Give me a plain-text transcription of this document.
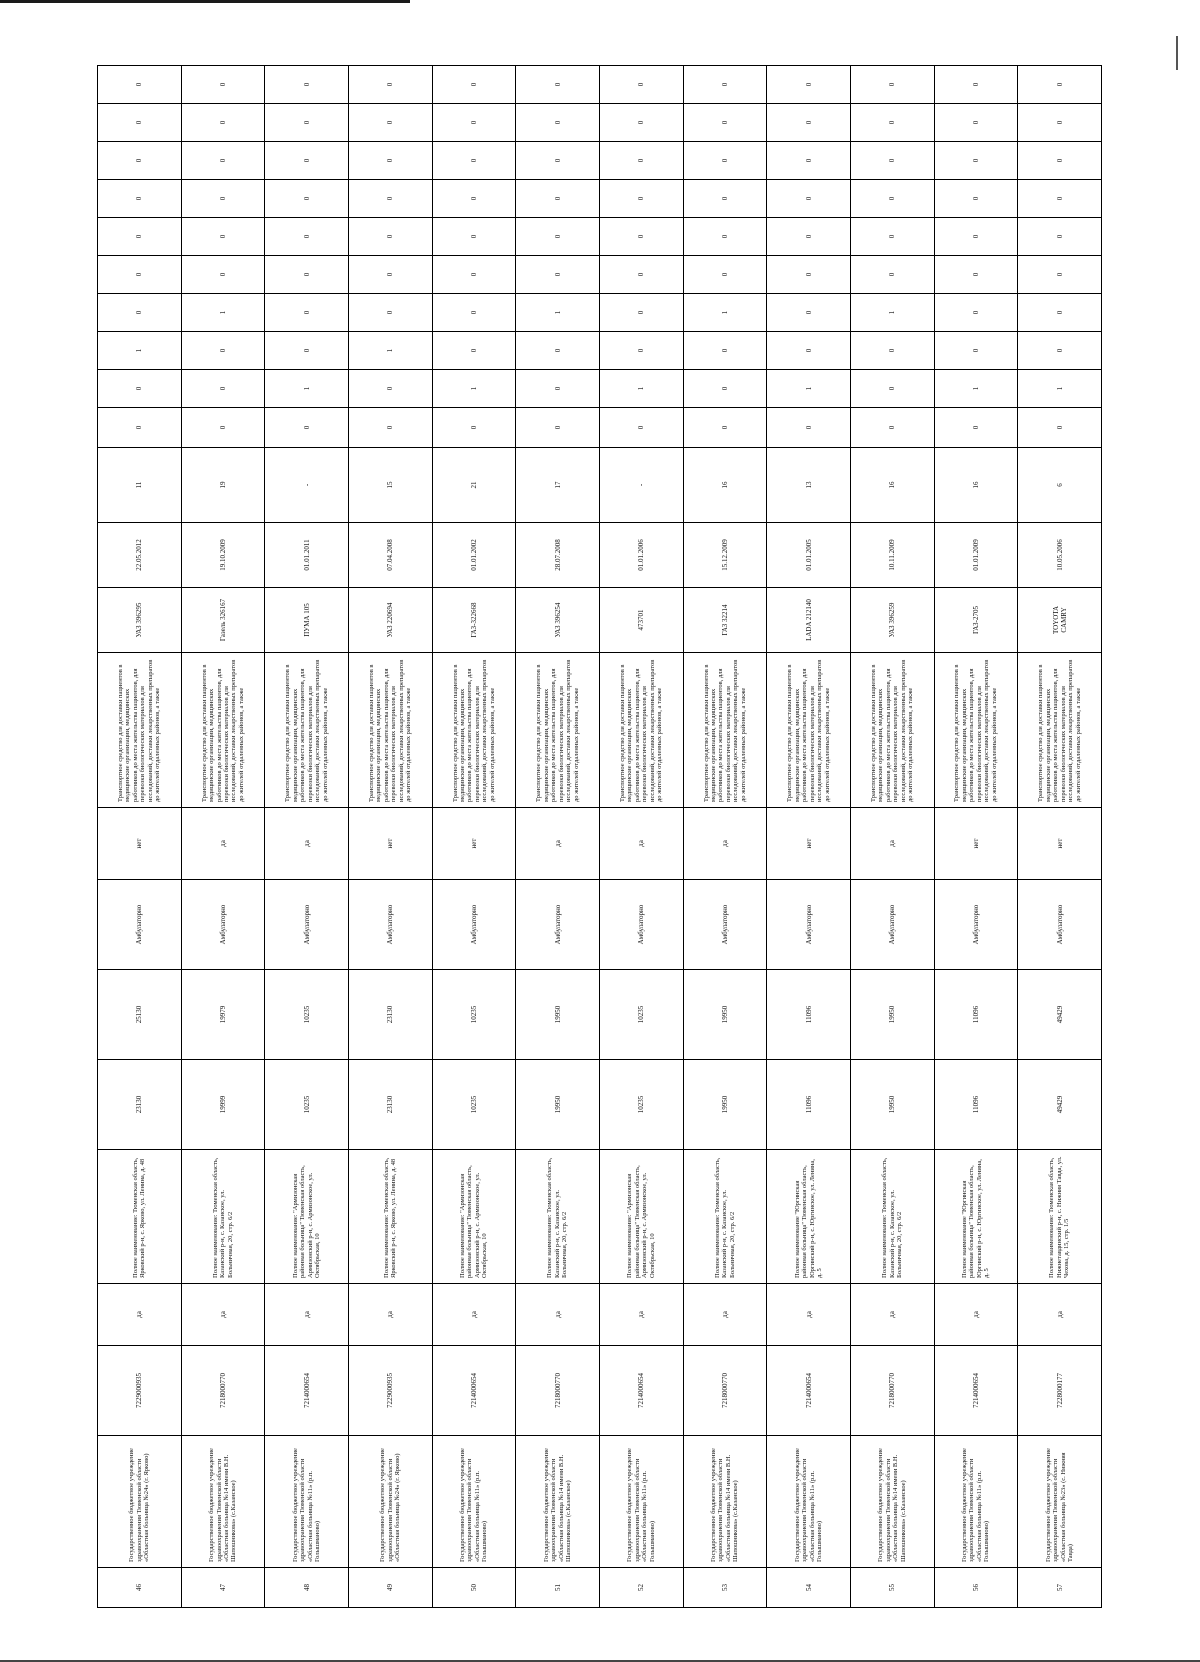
46	Государственное бюджетное учреждение здравоохранения Тюменской области «Областная больница №24» (г. Ярково)	7229000935	да	Полное наименование: Тюменская область, Ярковский р-н, с. Ярково, ул. Ленина, д. 48	23130	25130	Амбулаторно	нет	Транспортное средство для доставки пациентов в медицинские организации, медицинских работников до места жительства пациентов, для перевозки биологических материалов для исследований, доставки лекарственных препаратов до жителей отдаленных районов, а также	УАЗ 396295	22.05.2012	11	0	0	1	0	0	0	0	0	0	0
47	Государственное бюджетное учреждение здравоохранения Тюменской области «Областная больница №14 имени В.Н. Шапошникова» (с.Казанское)	7218000770	да	Полное наименование: Тюменская область, Казанский р-н, с. Казанское, ул. Больничная, 20, стр. 6/2	19999	19979	Амбулаторно	да	Транспортное средство для доставки пациентов в медицинские организации, медицинских работников до места жительства пациентов, для перевозки биологических материалов для исследований, доставки лекарственных препаратов до жителей отдаленных районов, а также	Газель 326167	19.10.2009	19	0	0	0	1	0	0	0	0	0	0
48	Государственное бюджетное учреждение здравоохранения Тюменской области «Областная больница №11» (р.п. Голышманово)	7214000654	да	Полное наименование: "Армизонская районная больница" Тюменская область, Армизонский р-н, с. Армизонское, ул. Октябрьская, 10	10235	10235	Амбулаторно	да	Транспортное средство для доставки пациентов в медицинские организации, медицинских работников до места жительства пациентов, для перевозки биологических материалов для исследований, доставки лекарственных препаратов до жителей отдаленных районов, а также	ПУМА 105	01.01.2011	-	0	1	0	0	0	0	0	0	0	0
49	Государственное бюджетное учреждение здравоохранения Тюменской области «Областная больница №24» (г. Ярково)	7229000935	да	Полное наименование: Тюменская область, Ярковский р-н, с. Ярково, ул. Ленина, д. 48	23130	23130	Амбулаторно	нет	Транспортное средство для доставки пациентов в медицинские организации, медицинских работников до места жительства пациентов, для перевозки биологических материалов для исследований, доставки лекарственных препаратов до жителей отдаленных районов, а также	УАЗ 220694	07.04.2008	15	0	0	1	0	0	0	0	0	0	0
50	Государственное бюджетное учреждение здравоохранения Тюменской области «Областная больница №11» (р.п. Голышманово)	7214000654	да	Полное наименование: "Армизонская районная больница" Тюменская область, Армизонский р-н, с. Армизонское, ул. Октябрьская, 10	10235	10235	Амбулаторно	нет	Транспортное средство для доставки пациентов в медицинские организации, медицинских работников до места жительства пациентов, для перевозки биологических материалов для исследований, доставки лекарственных препаратов до жителей отдаленных районов, а также	ГАЗ-322668	01.01.2002	21	0	1	0	0	0	0	0	0	0	0
51	Государственное бюджетное учреждение здравоохранения Тюменской области «Областная больница №14 имени В.Н. Шапошникова» (с.Казанское)	7218000770	да	Полное наименование: Тюменская область, Казанский р-н, с. Казанское, ул. Больничная, 20, стр. 6/2	19950	19950	Амбулаторно	да	Транспортное средство для доставки пациентов в медицинские организации, медицинских работников до места жительства пациентов, для перевозки биологических материалов для исследований, доставки лекарственных препаратов до жителей отдаленных районов, а также	УАЗ 396254	28.07.2008	17	0	0	0	1	0	0	0	0	0	0
52	Государственное бюджетное учреждение здравоохранения Тюменской области «Областная больница №11» (р.п. Голышманово)	7214000654	да	Полное наименование: "Армизонская районная больница" Тюменская область, Армизонский р-н, с. Армизонское, ул. Октябрьская, 10	10235	10235	Амбулаторно	да	Транспортное средство для доставки пациентов в медицинские организации, медицинских работников до места жительства пациентов, для перевозки биологических материалов для исследований, доставки лекарственных препаратов до жителей отдаленных районов, а также	473701	01.01.2006	-	0	1	0	0	0	0	0	0	0	0
53	Государственное бюджетное учреждение здравоохранения Тюменской области «Областная больница №14 имени В.Н. Шапошникова» (с.Казанское)	7218000770	да	Полное наименование: Тюменская область, Казанский р-н, с. Казанское, ул. Больничная, 20, стр. 6/2	19950	19950	Амбулаторно	да	Транспортное средство для доставки пациентов в медицинские организации, медицинских работников до места жительства пациентов, для перевозки биологических материалов для исследований, доставки лекарственных препаратов до жителей отдаленных районов, а также	ГАЗ 32214	15.12.2009	16	0	0	0	1	0	0	0	0	0	0
54	Государственное бюджетное учреждение здравоохранения Тюменской области «Областная больница №11» (р.п. Голышманово)	7214000654	да	Полное наименование "Юргинская районная больница" Тюменская область, Юргинский р-н, с. Юргинское, ул. Ленина, д. 5	11096	11096	Амбулаторно	нет	Транспортное средство для доставки пациентов в медицинские организации, медицинских работников до места жительства пациентов, для перевозки биологических материалов для исследований, доставки лекарственных препаратов до жителей отдаленных районов, а также	LADA 212140	01.01.2005	13	0	1	0	0	0	0	0	0	0	0
55	Государственное бюджетное учреждение здравоохранения Тюменской области «Областная больница №14 имени В.Н. Шапошникова» (с.Казанское)	7218000770	да	Полное наименование: Тюменская область, Казанский р-н, с. Казанское, ул. Больничная, 20, стр. 6/2	19950	19950	Амбулаторно	да	Транспортное средство для доставки пациентов в медицинские организации, медицинских работников до места жительства пациентов, для перевозки биологических материалов для исследований, доставки лекарственных препаратов до жителей отдаленных районов, а также	УАЗ 396259	10.11.2009	16	0	0	0	1	0	0	0	0	0	0
56	Государственное бюджетное учреждение здравоохранения Тюменской области «Областная больница №11» (р.п. Голышманово)	7214000654	да	Полное наименование "Юргинская районная больница" Тюменская область, Юргинский р-н, с. Юргинское, ул. Ленина, д. 5	11096	11096	Амбулаторно	нет	Транспортное средство для доставки пациентов в медицинские организации, медицинских работников до места жительства пациентов, для перевозки биологических материалов для исследований, доставки лекарственных препаратов до жителей отдаленных районов, а также	ГАЗ-2705	01.01.2009	16	0	1	0	0	0	0	0	0	0	0
57	Государственное бюджетное учреждение здравоохранения Тюменской области «Областная больница №23» (с. Нижняя Тавда)	7228000177	да	Полное наименование: Тюменская область, Нижнетавдинский р-н, с. Нижняя Тавда, ул. Чехова, д. 15, стр. 1/5	49429	49429	Амбулаторно	нет	Транспортное средство для доставки пациентов в медицинские организации, медицинских работников до места жительства пациентов, для перевозки биологических материалов для исследований, доставки лекарственных препаратов до жителей отдаленных районов, а также	TOYOTA CAMRY	10.05.2006	6	0	1	0	0	0	0	0	0	0	0
